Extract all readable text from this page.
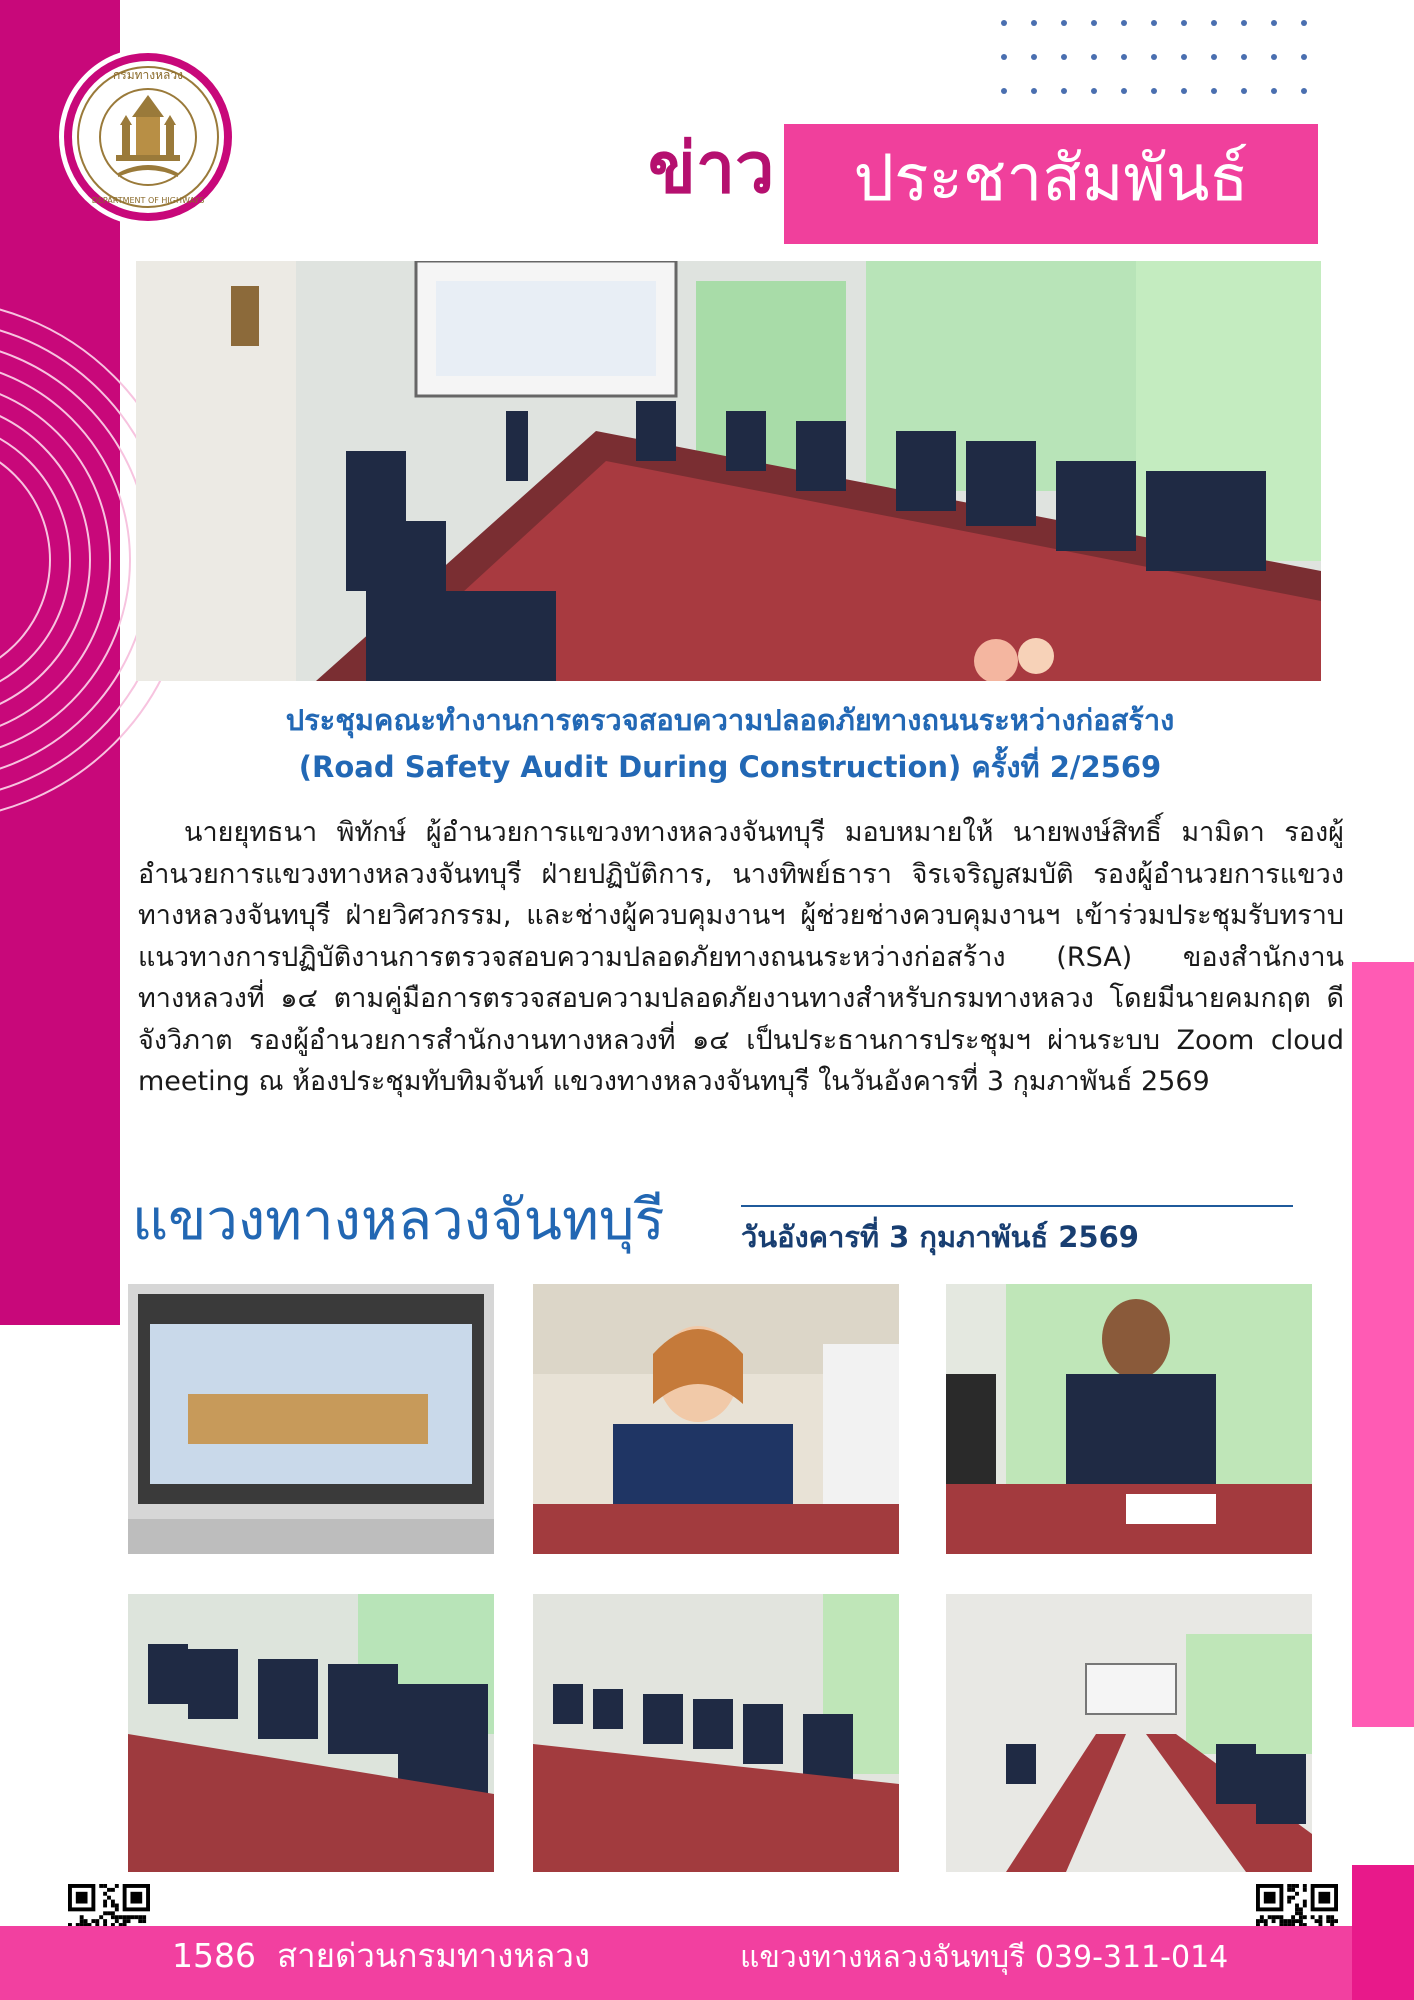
กรมทางหลวง
DEPARTMENT OF HIGHWAYS	ข่าว	ประชาสัมพันธ์
ประชุมคณะทำงานการตรวจสอบความปลอดภัยทางถนนระหว่างก่อสร้าง
(Road Safety Audit During Construction) ครั้งที่ 2/2569
นายยุทธนา พิทักษ์ ผู้อำนวยการแขวงทางหลวงจันทบุรี มอบหมายให้ นายพงษ์สิทธิ์ มามิดา รองผู้อำนวยการแขวงทางหลวงจันทบุรี ฝ่ายปฏิบัติการ, นางทิพย์ธารา จิรเจริญสมบัติ รองผู้อำนวยการแขวงทางหลวงจันทบุรี ฝ่ายวิศวกรรม, และช่างผู้ควบคุมงานฯ ผู้ช่วยช่างควบคุมงานฯ เข้าร่วมประชุมรับทราบแนวทางการปฏิบัติงานการตรวจสอบความปลอดภัยทางถนนระหว่างก่อสร้าง (RSA) ของสำนักงานทางหลวงที่ ๑๔ ตามคู่มือการตรวจสอบความปลอดภัยงานทางสำหรับกรมทางหลวง โดยมีนายคมกฤต ดีจังวิภาต รองผู้อำนวยการสำนักงานทางหลวงที่ ๑๔ เป็นประธานการประชุมฯ ผ่านระบบ Zoom cloud meeting ณ ห้องประชุมทับทิมจันท์ แขวงทางหลวงจันทบุรี ในวันอังคารที่ 3 กุมภาพันธ์ 2569
แขวงทางหลวงจันทบุรี	วันอังคารที่ 3 กุมภาพันธ์ 2569
1586  สายด่วนกรมทางหลวง	แขวงทางหลวงจันทบุรี 039-311-014
